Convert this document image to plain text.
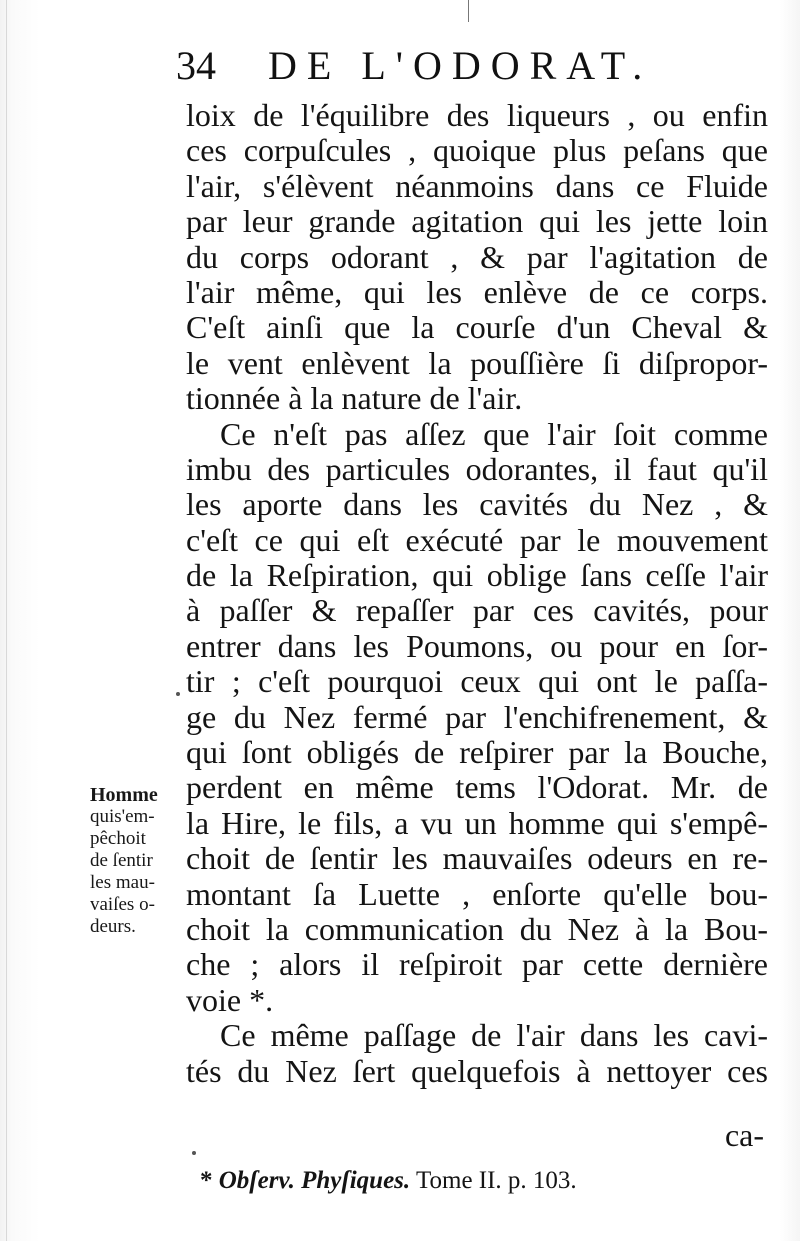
34 DE L'ODORAT.
loix de l'équilibre des liqueurs , ou enfin
ces corpuſcules , quoique plus peſans que
l'air, s'élèvent néanmoins dans ce Fluide
par leur grande agitation qui les jette loin
du corps odorant , & par l'agitation de
l'air même, qui les enlève de ce corps.
C'eſt ainſi que la courſe d'un Cheval &
le vent enlèvent la pouſſière ſi diſpropor-
tionnée à la nature de l'air.
Ce n'eſt pas aſſez que l'air ſoit comme
imbu des particules odorantes, il faut qu'il
les aporte dans les cavités du Nez , &
c'eſt ce qui eſt exécuté par le mouvement
de la Reſpiration, qui oblige ſans ceſſe l'air
à paſſer & repaſſer par ces cavités, pour
entrer dans les Poumons, ou pour en ſor-
tir ; c'eſt pourquoi ceux qui ont le paſſa-
ge du Nez fermé par l'enchifrenement, &
qui ſont obligés de reſpirer par la Bouche,
perdent en même tems l'Odorat. Mr. de
la Hire, le fils, a vu un homme qui s'empê-
choit de ſentir les mauvaiſes odeurs en re-
montant ſa Luette , enſorte qu'elle bou-
choit la communication du Nez à la Bou-
che ; alors il reſpiroit par cette dernière
voie *.
Ce même paſſage de l'air dans les cavi-
tés du Nez ſert quelquefois à nettoyer ces
ca-
Homme
quis'em-
pêchoit
de ſentir
les mau-
vaiſes o-
deurs.
* Obſerv. Phyſiques. Tome II. p. 103.
